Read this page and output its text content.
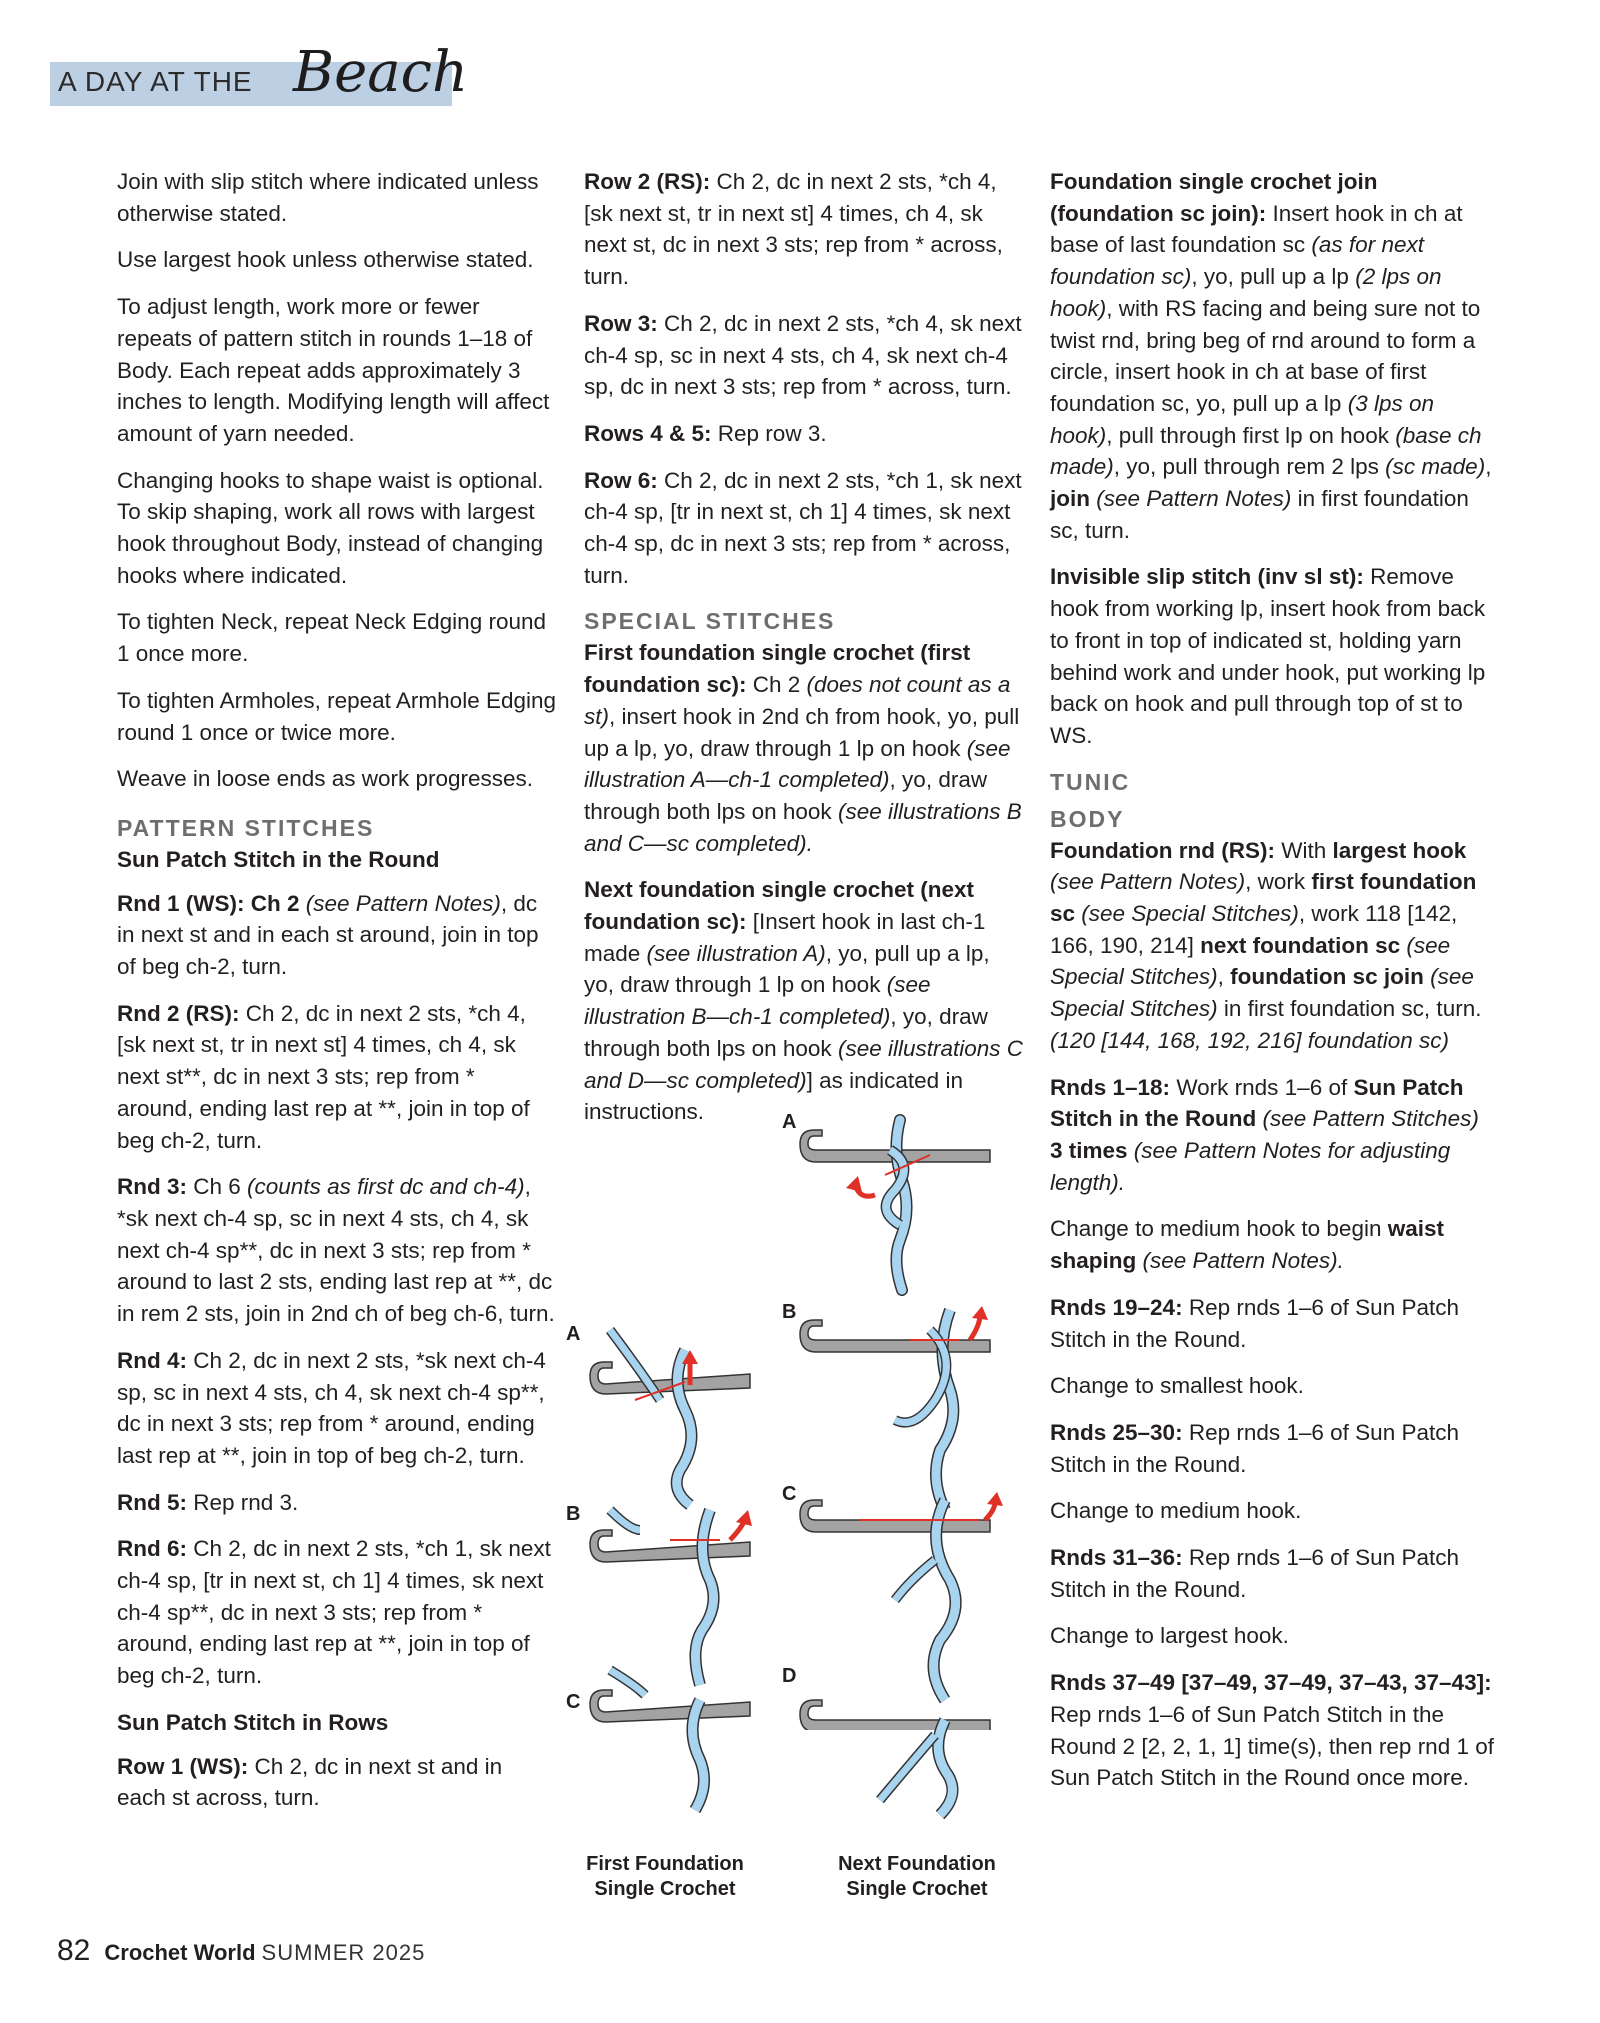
A DAY AT THE Beach

Join with slip stitch where indicated unless otherwise stated.

Use largest hook unless otherwise stated.

To adjust length, work more or fewer repeats of pattern stitch in rounds 1–18 of Body. Each repeat adds approximately 3 inches to length. Modifying length will affect amount of yarn needed.

Changing hooks to shape waist is optional. To skip shaping, work all rows with largest hook throughout Body, instead of changing hooks where indicated.

To tighten Neck, repeat Neck Edging round 1 once more.

To tighten Armholes, repeat Armhole Edging round 1 once or twice more.

Weave in loose ends as work progresses.

PATTERN STITCHES
Sun Patch Stitch in the Round

Rnd 1 (WS): Ch 2 (see Pattern Notes), dc in next st and in each st around, join in top of beg ch-2, turn.

Rnd 2 (RS): Ch 2, dc in next 2 sts, *ch 4, [sk next st, tr in next st] 4 times, ch 4, sk next st**, dc in next 3 sts; rep from * around, ending last rep at **, join in top of beg ch-2, turn.

Rnd 3: Ch 6 (counts as first dc and ch-4), *sk next ch-4 sp, sc in next 4 sts, ch 4, sk next ch-4 sp**, dc in next 3 sts; rep from * around to last 2 sts, ending last rep at **, dc in rem 2 sts, join in 2nd ch of beg ch-6, turn.

Rnd 4: Ch 2, dc in next 2 sts, *sk next ch-4 sp, sc in next 4 sts, ch 4, sk next ch-4 sp**, dc in next 3 sts; rep from * around, ending last rep at **, join in top of beg ch-2, turn.

Rnd 5: Rep rnd 3.

Rnd 6: Ch 2, dc in next 2 sts, *ch 1, sk next ch-4 sp, [tr in next st, ch 1] 4 times, sk next ch-4 sp**, dc in next 3 sts; rep from * around, ending last rep at **, join in top of beg ch-2, turn.

Sun Patch Stitch in Rows

Row 1 (WS): Ch 2, dc in next st and in each st across, turn.

Row 2 (RS): Ch 2, dc in next 2 sts, *ch 4, [sk next st, tr in next st] 4 times, ch 4, sk next st, dc in next 3 sts; rep from * across, turn.

Row 3: Ch 2, dc in next 2 sts, *ch 4, sk next ch-4 sp, sc in next 4 sts, ch 4, sk next ch-4 sp, dc in next 3 sts; rep from * across, turn.

Rows 4 & 5: Rep row 3.

Row 6: Ch 2, dc in next 2 sts, *ch 1, sk next ch-4 sp, [tr in next st, ch 1] 4 times, sk next ch-4 sp, dc in next 3 sts; rep from * across, turn.

SPECIAL STITCHES

First foundation single crochet (first foundation sc): Ch 2 (does not count as a st), insert hook in 2nd ch from hook, yo, pull up a lp, yo, draw through 1 lp on hook (see illustration A—ch-1 completed), yo, draw through both lps on hook (see illustrations B and C—sc completed).

Next foundation single crochet (next foundation sc): [Insert hook in last ch-1 made (see illustration A), yo, pull up a lp, yo, draw through 1 lp on hook (see illustration B—ch-1 completed), yo, draw through both lps on hook (see illustrations C and D—sc completed)] as indicated in instructions.	A
A
B
B
C
C
D
First Foundation Single Crochet
Next Foundation Single Crochet

Foundation single crochet join (foundation sc join): Insert hook in ch at base of last foundation sc (as for next foundation sc), yo, pull up a lp (2 lps on hook), with RS facing and being sure not to twist rnd, bring beg of rnd around to form a circle, insert hook in ch at base of first foundation sc, yo, pull up a lp (3 lps on hook), pull through first lp on hook (base ch made), yo, pull through rem 2 lps (sc made), join (see Pattern Notes) in first foundation sc, turn.

Invisible slip stitch (inv sl st): Remove hook from working lp, insert hook from back to front in top of indicated st, holding yarn behind work and under hook, put working lp back on hook and pull through top of st to WS.

TUNIC
BODY

Foundation rnd (RS): With largest hook (see Pattern Notes), work first foundation sc (see Special Stitches), work 118 [142, 166, 190, 214] next foundation sc (see Special Stitches), foundation sc join (see Special Stitches) in first foundation sc, turn. (120 [144, 168, 192, 216] foundation sc)

Rnds 1–18: Work rnds 1–6 of Sun Patch Stitch in the Round (see Pattern Stitches) 3 times (see Pattern Notes for adjusting length).

Change to medium hook to begin waist shaping (see Pattern Notes).

Rnds 19–24: Rep rnds 1–6 of Sun Patch Stitch in the Round.

Change to smallest hook.

Rnds 25–30: Rep rnds 1–6 of Sun Patch Stitch in the Round.

Change to medium hook.

Rnds 31–36: Rep rnds 1–6 of Sun Patch Stitch in the Round.

Change to largest hook.

Rnds 37–49 [37–49, 37–49, 37–43, 37–43]: Rep rnds 1–6 of Sun Patch Stitch in the Round 2 [2, 2, 1, 1] time(s), then rep rnd 1 of Sun Patch Stitch in the Round once more.

82 Crochet World SUMMER 2025
